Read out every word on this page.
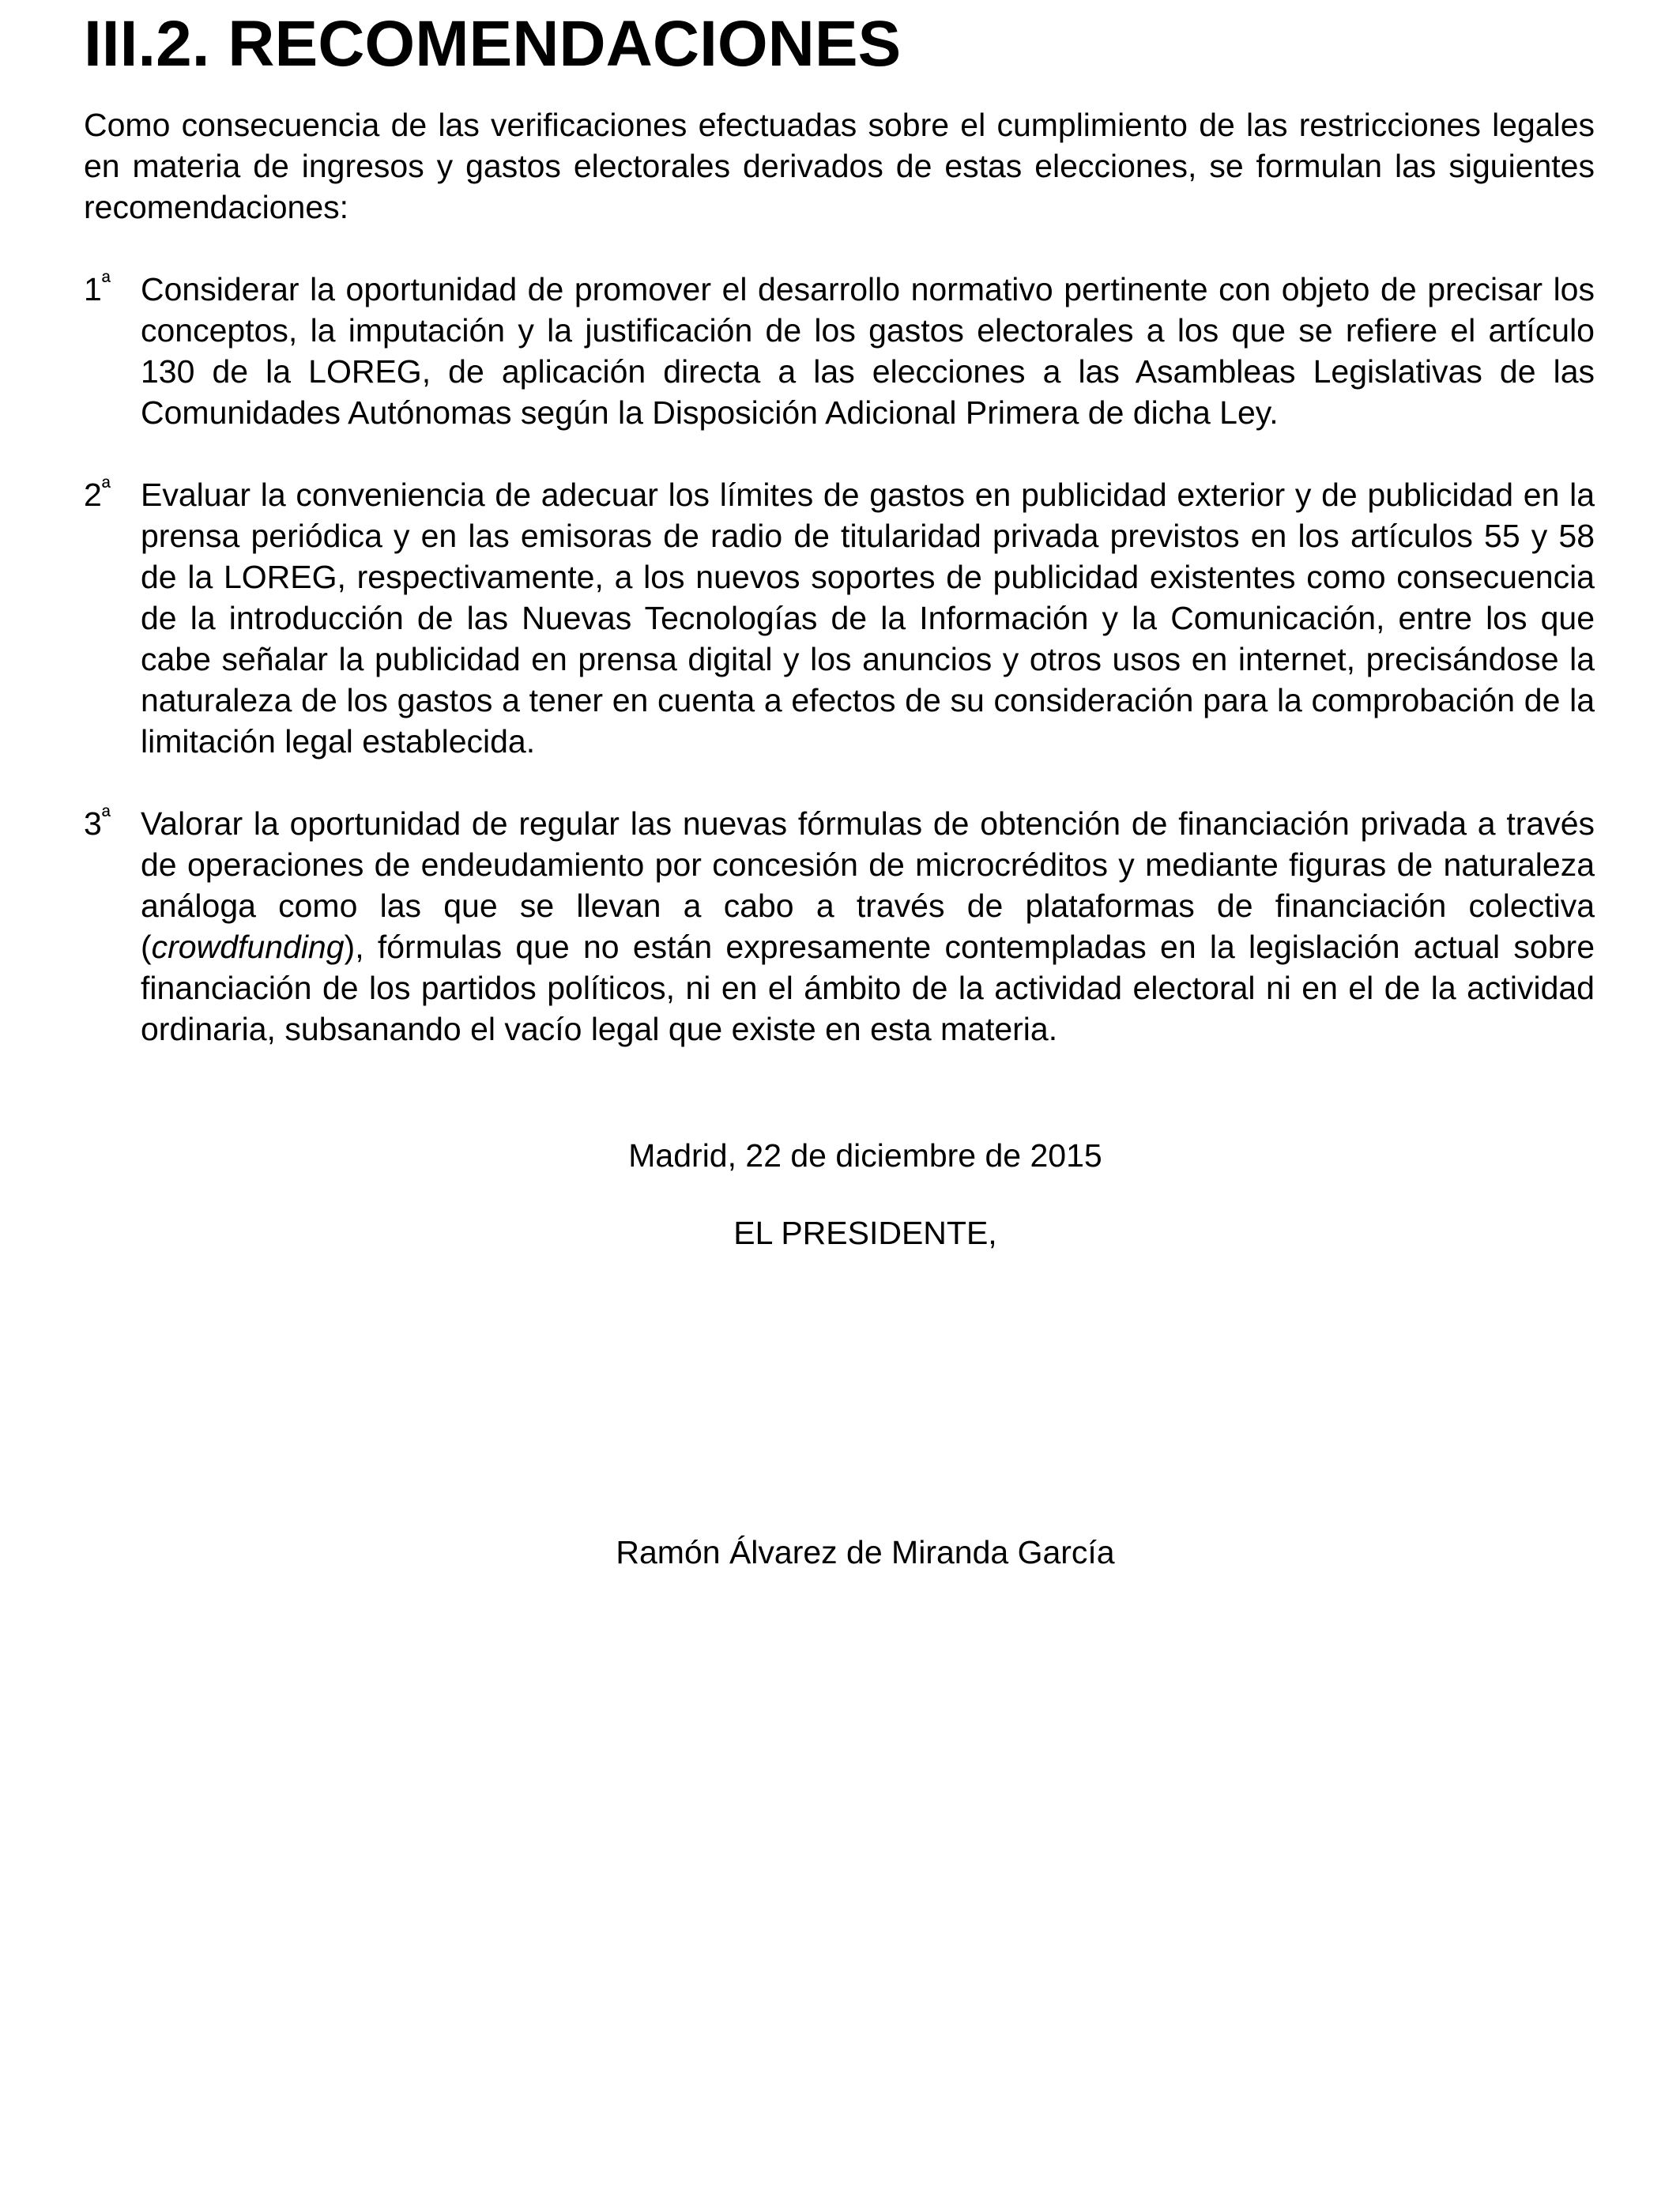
III.2. RECOMENDACIONES

Como consecuencia de las verificaciones efectuadas sobre el cumplimiento de las restricciones legales en materia de ingresos y gastos electorales derivados de estas elecciones, se formulan las siguientes recomendaciones:

$1^ª$ Considerar la oportunidad de promover el desarrollo normativo pertinente con objeto de precisar los conceptos, la imputación y la justificación de los gastos electorales a los que se refiere el artículo 130 de la LOREG, de aplicación directa a las elecciones a las Asambleas Legislativas de las Comunidades Autónomas según la Disposición Adicional Primera de dicha Ley.

$2^ª$ Evaluar la conveniencia de adecuar los límites de gastos en publicidad exterior y de publicidad en la prensa periódica y en las emisoras de radio de titularidad privada previstos en los artículos 55 y 58 de la LOREG, respectivamente, a los nuevos soportes de publicidad existentes como consecuencia de la introducción de las Nuevas Tecnologías de la Información y la Comunicación, entre los que cabe señalar la publicidad en prensa digital y los anuncios y otros usos en internet, precisándose la naturaleza de los gastos a tener en cuenta a efectos de su consideración para la comprobación de la limitación legal establecida.

$3^ª$ Valorar la oportunidad de regular las nuevas fórmulas de obtención de financiación privada a través de operaciones de endeudamiento por concesión de microcréditos y mediante figuras de naturaleza análoga como las que se llevan a cabo a través de plataformas de financiación colectiva (crowdfunding), fórmulas que no están expresamente contempladas en la legislación actual sobre financiación de los partidos políticos, ni en el ámbito de la actividad electoral ni en el de la actividad ordinaria, subsanando el vacío legal que existe en esta materia.

Madrid, 22 de diciembre de 2015
EL PRESIDENTE,
Ramón Álvarez de Miranda García
